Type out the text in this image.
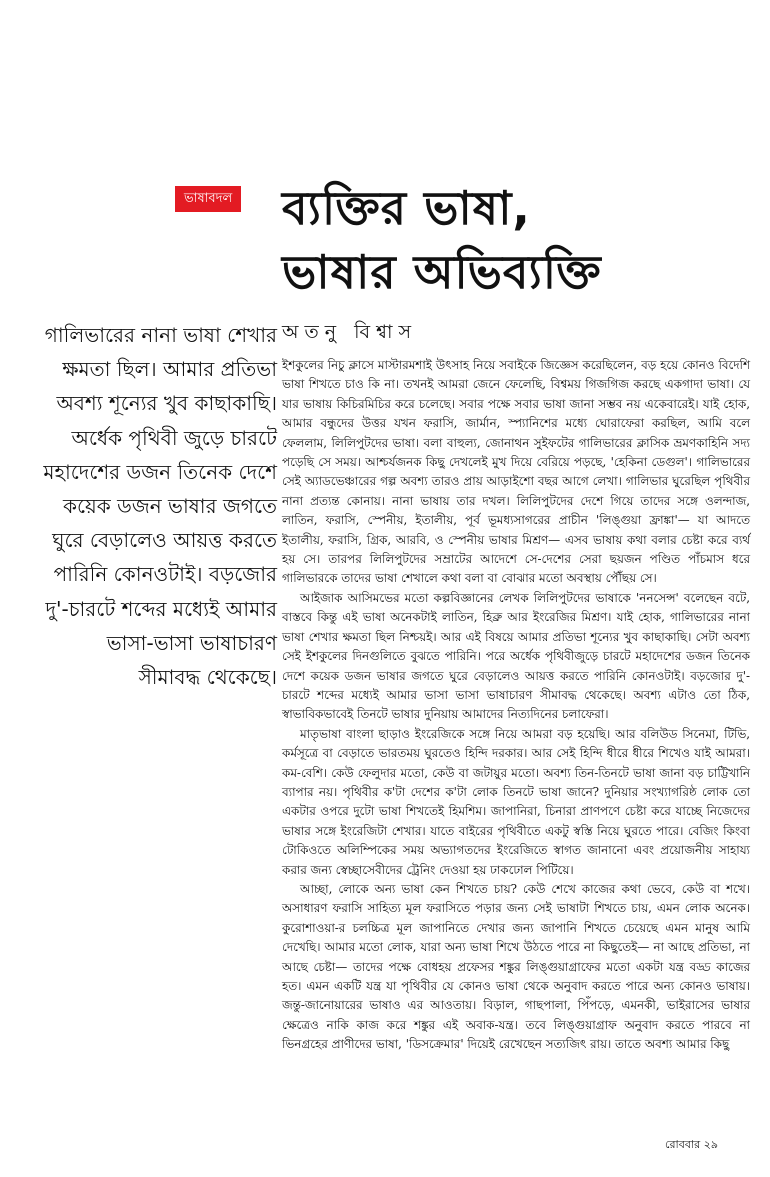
ভাষাবদল ব্যক্তির ভাষা,
ভাষার অভিব্যক্তি
অতনু বিশ্বাস
গালিভারের নানা ভাষা শেখার ক্ষমতা ছিল। আমার প্রতিভা অবশ্য শূন্যের খুব কাছাকাছি। অর্ধেক পৃথিবী জুড়ে চারটে মহাদেশের ডজন তিনেক দেশে কয়েক ডজন ভাষার জগতে ঘুরে বেড়ালেও আয়ত্ত করতে পারিনি কোনওটাই। বড়জোর দু'-চারটে শব্দের মধ্যেই আমার ভাসা-ভাসা ভাষাচারণ সীমাবদ্ধ থেকেছে।

ইশকুলের নিচু ক্লাসে মাস্টারমশাই উৎসাহ নিয়ে সবাইকে জিজ্ঞেস করেছিলেন, বড় হয়ে কোনও বিদেশি ভাষা শিখতে চাও কি না। তখনই আমরা জেনে ফেলেছি, বিশ্বময় গিজগিজ করছে একগাদা ভাষা। যে যার ভাষায় কিচিরমিচির করে চলেছে। সবার পক্ষে সবার ভাষা জানা সম্ভব নয় একেবারেই। যাই হোক, আমার বন্ধুদের উত্তর যখন ফরাসি, জার্মান, স্প্যানিশের মধ্যে ঘোরাফেরা করছিল, আমি বলে ফেললাম, লিলিপুটদের ভাষা। বলা বাহুল্য, জোনাথন সুইফটের গালিভারের ক্লাসিক ভ্রমণকাহিনি সদ্য পড়েছি সে সময়। আশ্চর্যজনক কিছু দেখলেই মুখ দিয়ে বেরিয়ে পড়ছে, 'হেকিনা ডেগুল'। গালিভারের সেই অ্যাডভেঞ্চারের গল্প অবশ্য তারও প্রায় আড়াইশো বছর আগে লেখা। গালিভার ঘুরেছিল পৃথিবীর নানা প্রত্যন্ত কোনায়। নানা ভাষায় তার দখল। লিলিপুটদের দেশে গিয়ে তাদের সঙ্গে ওলন্দাজ, লাতিন, ফরাসি, স্পেনীয়, ইতালীয়, পূর্ব ভূমধ্যসাগরের প্রাচীন 'লিঙ্গুয়া ফ্রাঙ্কা'— যা আদতে ইতালীয়, ফরাসি, গ্রিক, আরবি, ও স্পেনীয় ভাষার মিশ্রণ— এসব ভাষায় কথা বলার চেষ্টা করে ব্যর্থ হয় সে। তারপর লিলিপুটদের সম্রাটের আদেশে সে-দেশের সেরা ছয়জন পণ্ডিত পাঁচমাস ধরে গালিভারকে তাদের ভাষা শেখালে কথা বলা বা বোঝার মতো অবস্থায় পৌঁছয় সে।

আইজাক আসিমভের মতো কল্পবিজ্ঞানের লেখক লিলিপুটদের ভাষাকে 'ননসেন্স' বলেছেন বটে, বাস্তবে কিন্তু এই ভাষা অনেকটাই লাতিন, হিব্রু আর ইংরেজির মিশ্রণ। যাই হোক, গালিভারের নানা ভাষা শেখার ক্ষমতা ছিল নিশ্চয়ই। আর এই বিষয়ে আমার প্রতিভা শূন্যের খুব কাছাকাছি। সেটা অবশ্য সেই ইশকুলের দিনগুলিতে বুঝতে পারিনি। পরে অর্ধেক পৃথিবীজুড়ে চারটে মহাদেশের ডজন তিনেক দেশে কয়েক ডজন ভাষার জগতে ঘুরে বেড়ালেও আয়ত্ত করতে পারিনি কোনওটাই। বড়জোর দু'-চারটে শব্দের মধ্যেই আমার ভাসা ভাসা ভাষাচারণ সীমাবদ্ধ থেকেছে। অবশ্য এটাও তো ঠিক, স্বাভাবিকভাবেই তিনটে ভাষার দুনিয়ায় আমাদের নিত্যদিনের চলাফেরা।

মাতৃভাষা বাংলা ছাড়াও ইংরেজিকে সঙ্গে নিয়ে আমরা বড় হয়েছি। আর বলিউড সিনেমা, টিভি, কর্মসূত্রে বা বেড়াতে ভারতময় ঘুরতেও হিন্দি দরকার। আর সেই হিন্দি ধীরে ধীরে শিখেও যাই আমরা। কম-বেশি। কেউ ফেলুদার মতো, কেউ বা জটায়ুর মতো। অবশ্য তিন-তিনটে ভাষা জানা বড় চাট্টিখানি ব্যাপার নয়। পৃথিবীর ক'টা দেশের ক'টা লোক তিনটে ভাষা জানে? দুনিয়ার সংখ্যাগরিষ্ঠ লোক তো একটার ওপরে দুটো ভাষা শিখতেই হিমশিম। জাপানিরা, চিনারা প্রাণপণে চেষ্টা করে যাচ্ছে নিজেদের ভাষার সঙ্গে ইংরেজিটা শেখার। যাতে বাইরের পৃথিবীতে একটু স্বস্তি নিয়ে ঘুরতে পারে। বেজিং কিংবা টোকিওতে অলিম্পিকের সময় অভ্যাগতদের ইংরেজিতে স্বাগত জানানো এবং প্রয়োজনীয় সাহায্য করার জন্য স্বেচ্ছাসেবীদের ট্রেনিং দেওয়া হয় ঢাকঢোল পিটিয়ে।

আচ্ছা, লোকে অন্য ভাষা কেন শিখতে চায়? কেউ শেখে কাজের কথা ভেবে, কেউ বা শখে। অসাধারণ ফরাসি সাহিত্য মূল ফরাসিতে পড়ার জন্য সেই ভাষাটা শিখতে চায়, এমন লোক অনেক। কুরোশাওয়া-র চলচ্চিত্র মূল জাপানিতে দেখার জন্য জাপানি শিখতে চেয়েছে এমন মানুষ আমি দেখেছি। আমার মতো লোক, যারা অন্য ভাষা শিখে উঠতে পারে না কিছুতেই— না আছে প্রতিভা, না আছে চেষ্টা— তাদের পক্ষে বোধহয় প্রফেসর শঙ্কুর লিঙ্গুয়াগ্রাফের মতো একটা যন্ত্র বড্ড কাজের হত। এমন একটি যন্ত্র যা পৃথিবীর যে কোনও ভাষা থেকে অনুবাদ করতে পারে অন্য কোনও ভাষায়। জন্তু-জানোয়ারের ভাষাও এর আওতায়। বিড়াল, গাছপালা, পিঁপড়ে, এমনকী, ভাইরাসের ভাষার ক্ষেত্রেও নাকি কাজ করে শঙ্কুর এই অবাক-যন্ত্র। তবে লিঙ্গুয়াগ্রাফ অনুবাদ করতে পারবে না ভিনগ্রহের প্রাণীদের ভাষা, 'ডিসক্রেমার' দিয়েই রেখেছেন সত্যজিৎ রায়। তাতে অবশ্য আমার কিছু

রোববার ২৯
